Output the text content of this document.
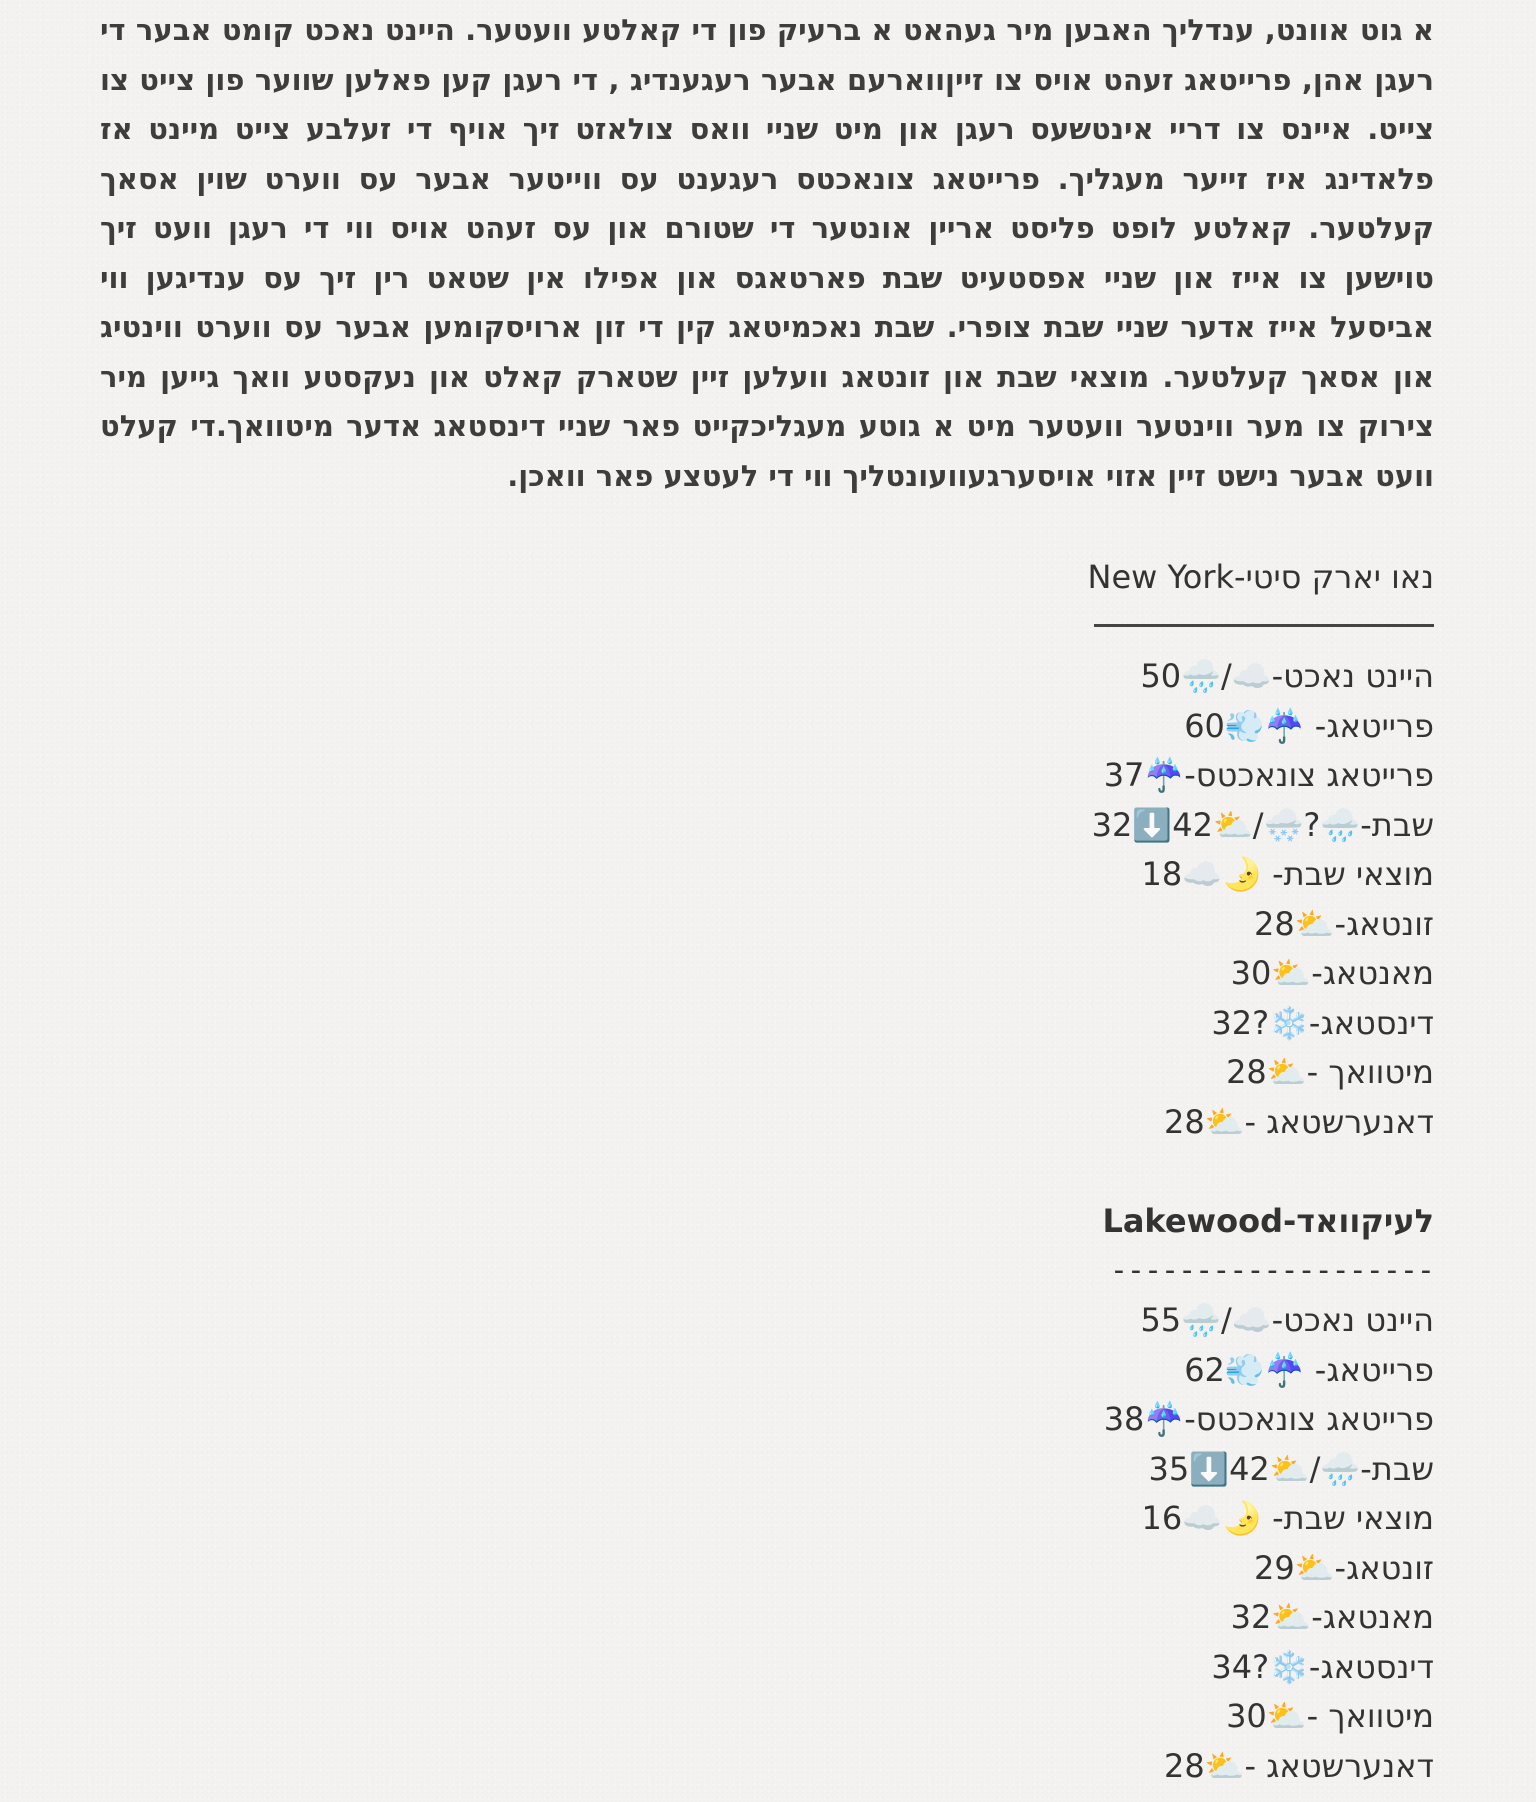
א גוט אוונט, ענדליך האבען מיר געהאט א ברעיק פון די קאלטע וועטער. היינט נאכט קומט אבער די רעגן אהן, פרייטאג זעהט אויס צו זייןווארעם אבער רעגענדיג , די רעגן קען פאלען שווער פון צייט צו צייט. איינס צו דריי אינטשעס רעגן און מיט שניי וואס צולאזט זיך אויף די זעלבע צייט מיינט אז פלאדינג איז זייער מעגליך. פרייטאג צונאכטס רעגענט עס ווייטער אבער עס ווערט שוין אסאך קעלטער. קאלטע לופט פליסט אריין אונטער די שטורם און עס זעהט אויס ווי די רעגן וועט זיך טוישען צו אייז און שניי אפסטעיט שבת פארטאגס און אפילו אין שטאט רין זיך עס ענדיגען ווי אביסעל אייז אדער שניי שבת צופרי. שבת נאכמיטאג קין די זון ארויסקומען אבער עס ווערט ווינטיג און אסאך קעלטער. מוצאי שבת און זונטאג וועלען זיין שטארק קאלט און נעקסטע וואך גייען מיר צירוק צו מער ווינטער וועטער מיט א גוטע מעגליכקייט פאר שניי דינסטאג אדער מיטוואך.די קעלט וועט אבער נישט זיין אזוי אויסערגעוועונטליך ווי די לעטצע פאר וואכן.
נאו יארק סיטי-New York
היינט נאכט-☁️/🌧️50
פרייטאג- ☔️💨60
פרייטאג צונאכטס-☔️37
שבת-🌧️?🌨️/⛅️42⬇️32
מוצאי שבת- 🌛☁️18
זונטאג-⛅️28
מאנטאג-⛅️30
דינסטאג-❄️?32
מיטוואך -⛅️28
דאנערשטאג -⛅️28
לעיקוואד-Lakewood
-------------------
היינט נאכט-☁️/🌧️55
פרייטאג- ☔️💨62
פרייטאג צונאכטס-☔️38
שבת-🌧️/⛅️42⬇️35
מוצאי שבת- 🌛☁️16
זונטאג-⛅️29
מאנטאג-⛅️32
דינסטאג-❄️?34
מיטוואך -⛅️30
דאנערשטאג -⛅️28
